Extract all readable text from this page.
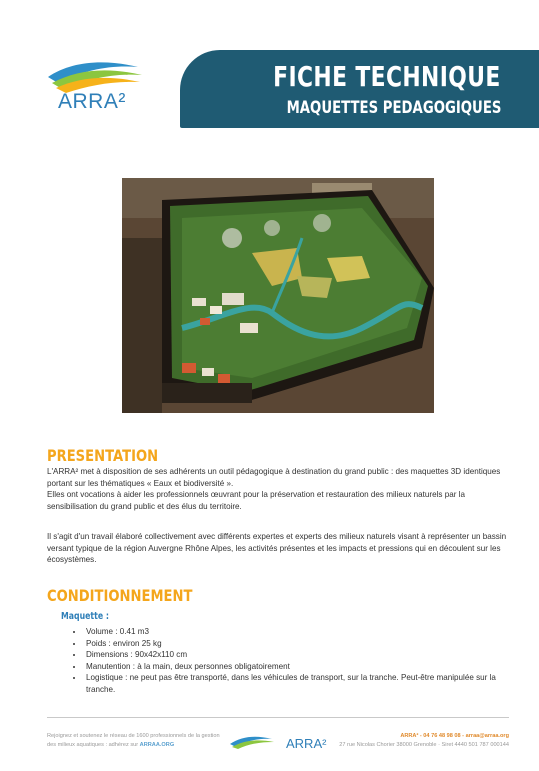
ARRA²
FICHE TECHNIQUE
MAQUETTES PEDAGOGIQUES
PRESENTATION

L'ARRA² met à disposition de ses adhérents un outil pédagogique à destination du grand public : des maquettes 3D identiques portant sur les thématiques « Eaux et biodiversité ».

Elles ont vocations à aider les professionnels œuvrant pour la préservation et restauration des milieux naturels par la sensibilisation du grand public et des élus du territoire.

Il s'agit d'un travail élaboré collectivement avec différents expertes et experts des milieux naturels visant à représenter un bassin versant typique de la région Auvergne Rhône Alpes, les activités présentes et les impacts et pressions qui en découlent sur les écosystèmes.

CONDITIONNEMENT
Maquette :
• Volume : 0.41 m3
• Poids : environ 25 kg
• Dimensions : 90x42x110 cm
• Manutention : à la main, deux personnes obligatoirement
• Logistique : ne peut pas être transporté, dans les véhicules de transport, sur la tranche. Peut-être manipulée sur la tranche.
Rejoignez et soutenez le réseau de 1600 professionnels de la gestion des milieux aquatiques : adhérez sur ARRAA.ORG	ARRA²	ARRA² - 04 76 48 98 08 - arraa@arraa.org
27 rue Nicolas Chorier 38000 Grenoble · Siret 4440 501 787 000144
